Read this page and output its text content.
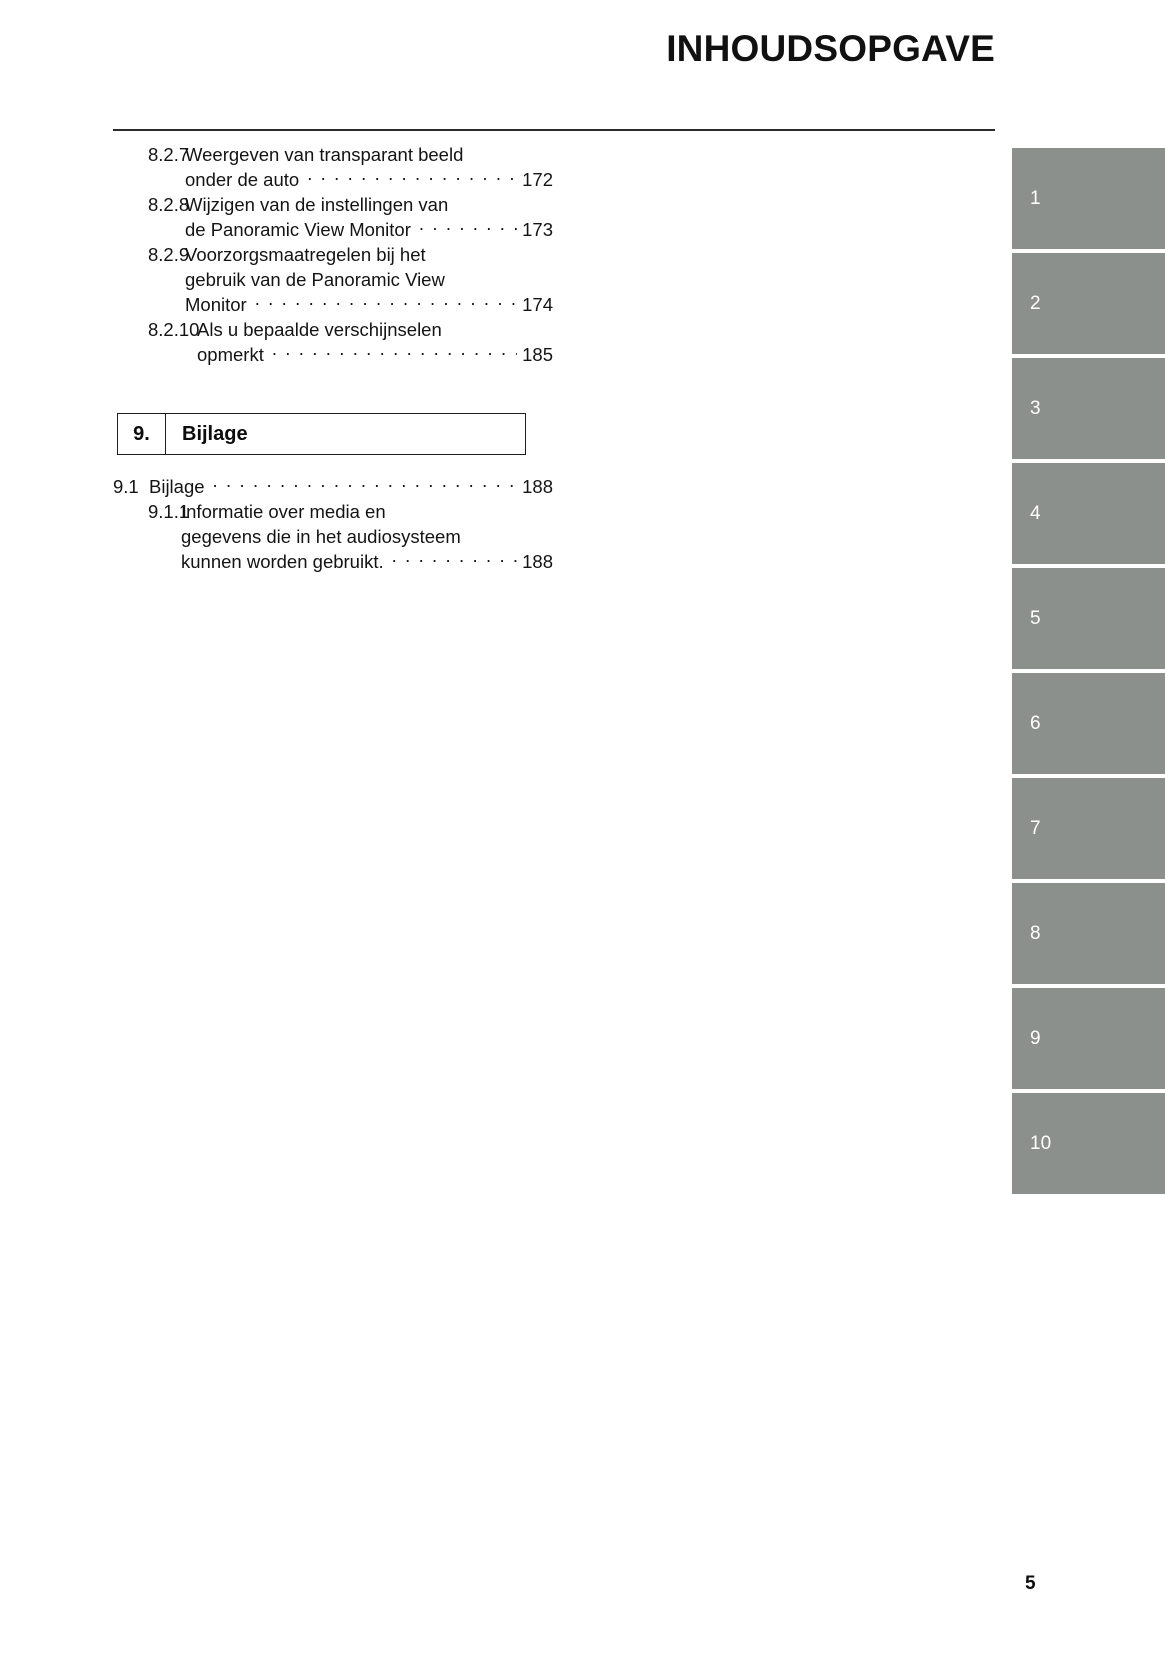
INHOUDSOPGAVE
8.2.7
Weergeven van transparant beeld
onder de auto . . .	172
8.2.8
Wijzigen van de instellingen van
de Panoramic View Monitor . . .	173
8.2.9
Voorzorgsmaatregelen bij het
gebruik van de Panoramic View
Monitor . . .	174
8.2.10
Als u bepaalde verschijnselen
opmerkt . . .	185
9.	Bijlage
9.1 Bijlage . . .	188
9.1.1
Informatie over media en
gegevens die in het audiosysteem
kunnen worden gebruikt. . . .	188
1
2
3
4
5
6
7
8
9
10
5
